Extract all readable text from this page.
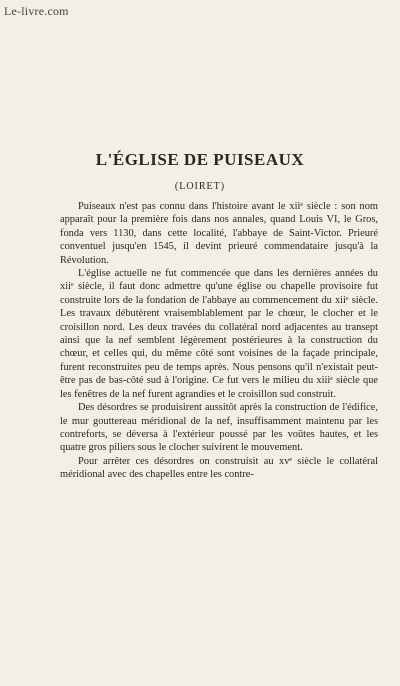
Le-livre.com
L'ÉGLISE DE PUISEAUX
(LOIRET)

Puiseaux n'est pas connu dans l'histoire avant le xiiᵉ siècle : son nom apparaît pour la première fois dans nos annales, quand Louis VI, le Gros, fonda vers 1130, dans cette localité, l'abbaye de Saint-Victor. Prieuré conventuel jusqu'en 1545, il devint prieuré commendataire jusqu'à la Révolution.

L'église actuelle ne fut commencée que dans les dernières années du xiiᵉ siècle, il faut donc admettre qu'une église ou chapelle provisoire fut construite lors de la fondation de l'abbaye au commencement du xiiᵉ siècle. Les travaux débutèrent vraisemblablement par le chœur, le clocher et le croisillon nord. Les deux travées du collatéral nord adjacentes au transept ainsi que la nef semblent légèrement postérieures à la construction du chœur, et celles qui, du même côté sont voisines de la façade principale, furent reconstruites peu de temps après. Nous pensons qu'il n'existait peut-être pas de bas-côté sud à l'origine. Ce fut vers le milieu du xiiiᵉ siècle que les fenêtres de la nef furent agrandies et le croisillon sud construit.

Des désordres se produisirent aussitôt après la construction de l'édifice, le mur gouttereau méridional de la nef, insuffisamment maintenu par les contreforts, se déversa à l'extérieur poussé par les voûtes hautes, et les quatre gros piliers sous le clocher suivirent le mouvement.

Pour arrêter ces désordres on construisit au xvᵉ siècle le collatéral méridional avec des chapelles entre les contre-
